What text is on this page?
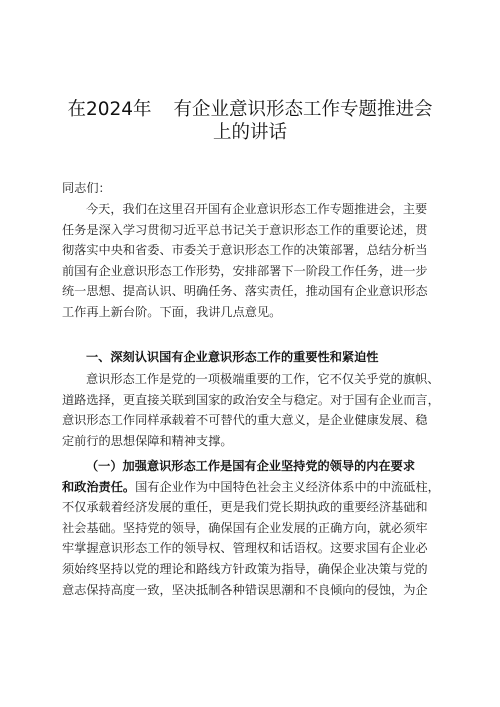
在2024年 有企业意识形态工作专题推进会
上的讲话
同志们：
今天，我们在这里召开国有企业意识形态工作专题推进会，主要
任务是深入学习贯彻习近平总书记关于意识形态工作的重要论述，贯
彻落实中央和省委、市委关于意识形态工作的决策部署，总结分析当
前国有企业意识形态工作形势，安排部署下一阶段工作任务，进一步
统一思想、提高认识、明确任务、落实责任，推动国有企业意识形态
工作再上新台阶。下面，我讲几点意见。
一、深刻认识国有企业意识形态工作的重要性和紧迫性
意识形态工作是党的一项极端重要的工作，它不仅关乎党的旗帜、
道路选择，更直接关联到国家的政治安全与稳定。对于国有企业而言，
意识形态工作同样承载着不可替代的重大意义，是企业健康发展、稳
定前行的思想保障和精神支撑。
（一）加强意识形态工作是国有企业坚持党的领导的内在要求
和政治责任。国有企业作为中国特色社会主义经济体系中的中流砥柱，
不仅承载着经济发展的重任，更是我们党长期执政的重要经济基础和
社会基础。坚持党的领导，确保国有企业发展的正确方向，就必须牢
牢掌握意识形态工作的领导权、管理权和话语权。这要求国有企业必
须始终坚持以党的理论和路线方针政策为指导，确保企业决策与党的
意志保持高度一致，坚决抵制各种错误思潮和不良倾向的侵蚀，为企
